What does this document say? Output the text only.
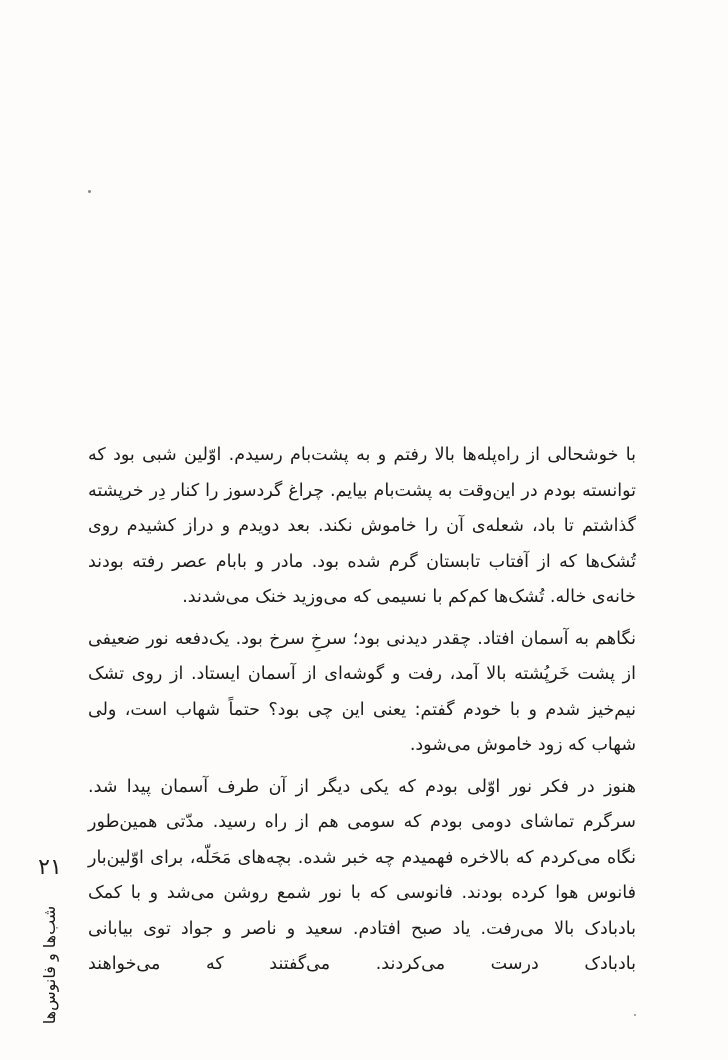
با خوشحالی از راه‌پله‌ها بالا رفتم و به پشت‌بام رسیدم. اوّلین شبی بود که توانسته بودم در این‌وقت به پشت‌بام بیایم. چراغ گردسوز را کنار دِر خرپشته گذاشتم تا باد، شعله‌ی آن را خاموش نکند. بعد دویدم و دراز کشیدم روی تُشک‌ها که از آفتاب تابستان گرم شده بود. مادر و بابام عصر رفته بودند خانه‌ی خاله. تُشک‌ها کم‌کم با نسیمی که می‌وزید خنک می‌شدند.

نگاهم به آسمان افتاد. چقدر دیدنی بود؛ سرخِ سرخ بود. یک‌دفعه نور ضعیفی از پشت خَرپُشته بالا آمد، رفت و گوشه‌ای از آسمان ایستاد. از روی تشک نیم‌خیز شدم و با خودم گفتم: یعنی این چی بود؟ حتماً شهاب است، ولی شهاب که زود خاموش می‌شود.

هنوز در فکر نور اوّلی بودم که یکی دیگر از آن طرف آسمان پیدا شد. سرگرم تماشای دومی بودم که سومی هم از راه رسید. مدّتی همین‌طور نگاه می‌کردم که بالاخره فهمیدم چه خبر شده. بچه‌های مَحَلّه، برای اوّلین‌بار فانوس هوا کرده بودند. فانوسی که با نور شمع روشن می‌شد و با کمک بادبادک بالا می‌رفت. یاد صبح افتادم. سعید و ناصر و جواد توی بیابانی بادبادک درست می‌کردند. می‌گفتند که می‌خواهند

۲۱
شب‌ها و فانوس‌ها
